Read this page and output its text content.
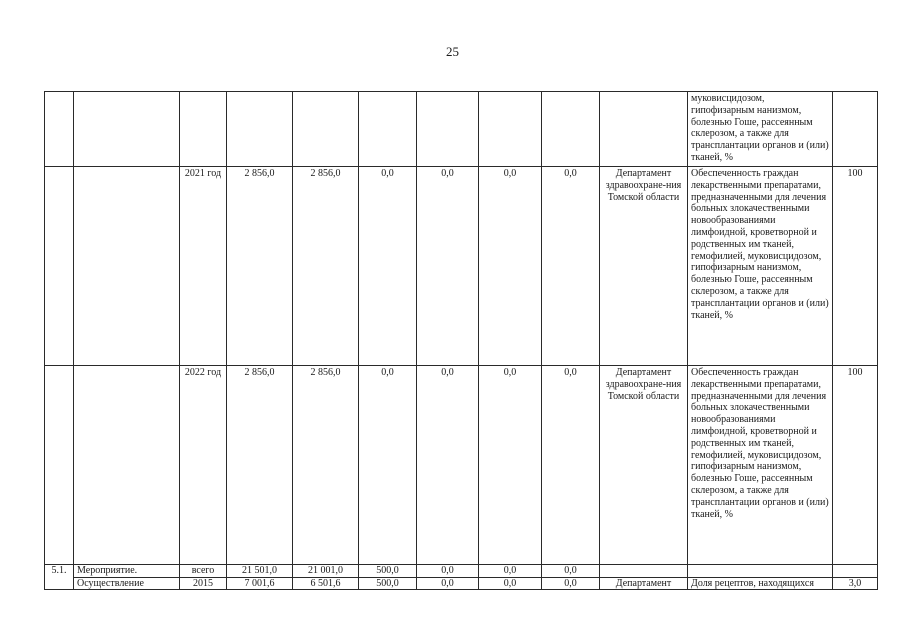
25
										муковисцидозом, гипофизарным нанизмом, болезнью Гоше, рассеянным склерозом, а также для трансплантации органов и (или) тканей, %	
		2021 год	2 856,0	2 856,0	0,0	0,0	0,0	0,0	Департамент здравоохране-ния Томской области	Обеспеченность граждан лекарственными препаратами, предназначенными для лечения больных злокачественными новообразованиями лимфоидной, кроветворной и родственных им тканей, гемофилией, муковисцидозом, гипофизарным нанизмом, болезнью Гоше, рассеянным склерозом, а также для трансплантации органов и (или) тканей, %	100
		2022 год	2 856,0	2 856,0	0,0	0,0	0,0	0,0	Департамент здравоохране-ния Томской области	Обеспеченность граждан лекарственными препаратами, предназначенными для лечения больных злокачественными новообразованиями лимфоидной, кроветворной и родственных им тканей, гемофилией, муковисцидозом, гипофизарным нанизмом, болезнью Гоше, рассеянным склерозом, а также для трансплантации органов и (или) тканей, %	100
5.1.	Мероприятие.	всего	21 501,0	21 001,0	500,0	0,0	0,0	0,0			
	Осуществление	2015	7 001,6	6 501,6	500,0	0,0	0,0	0,0	Департамент	Доля рецептов, находящихся	3,0
